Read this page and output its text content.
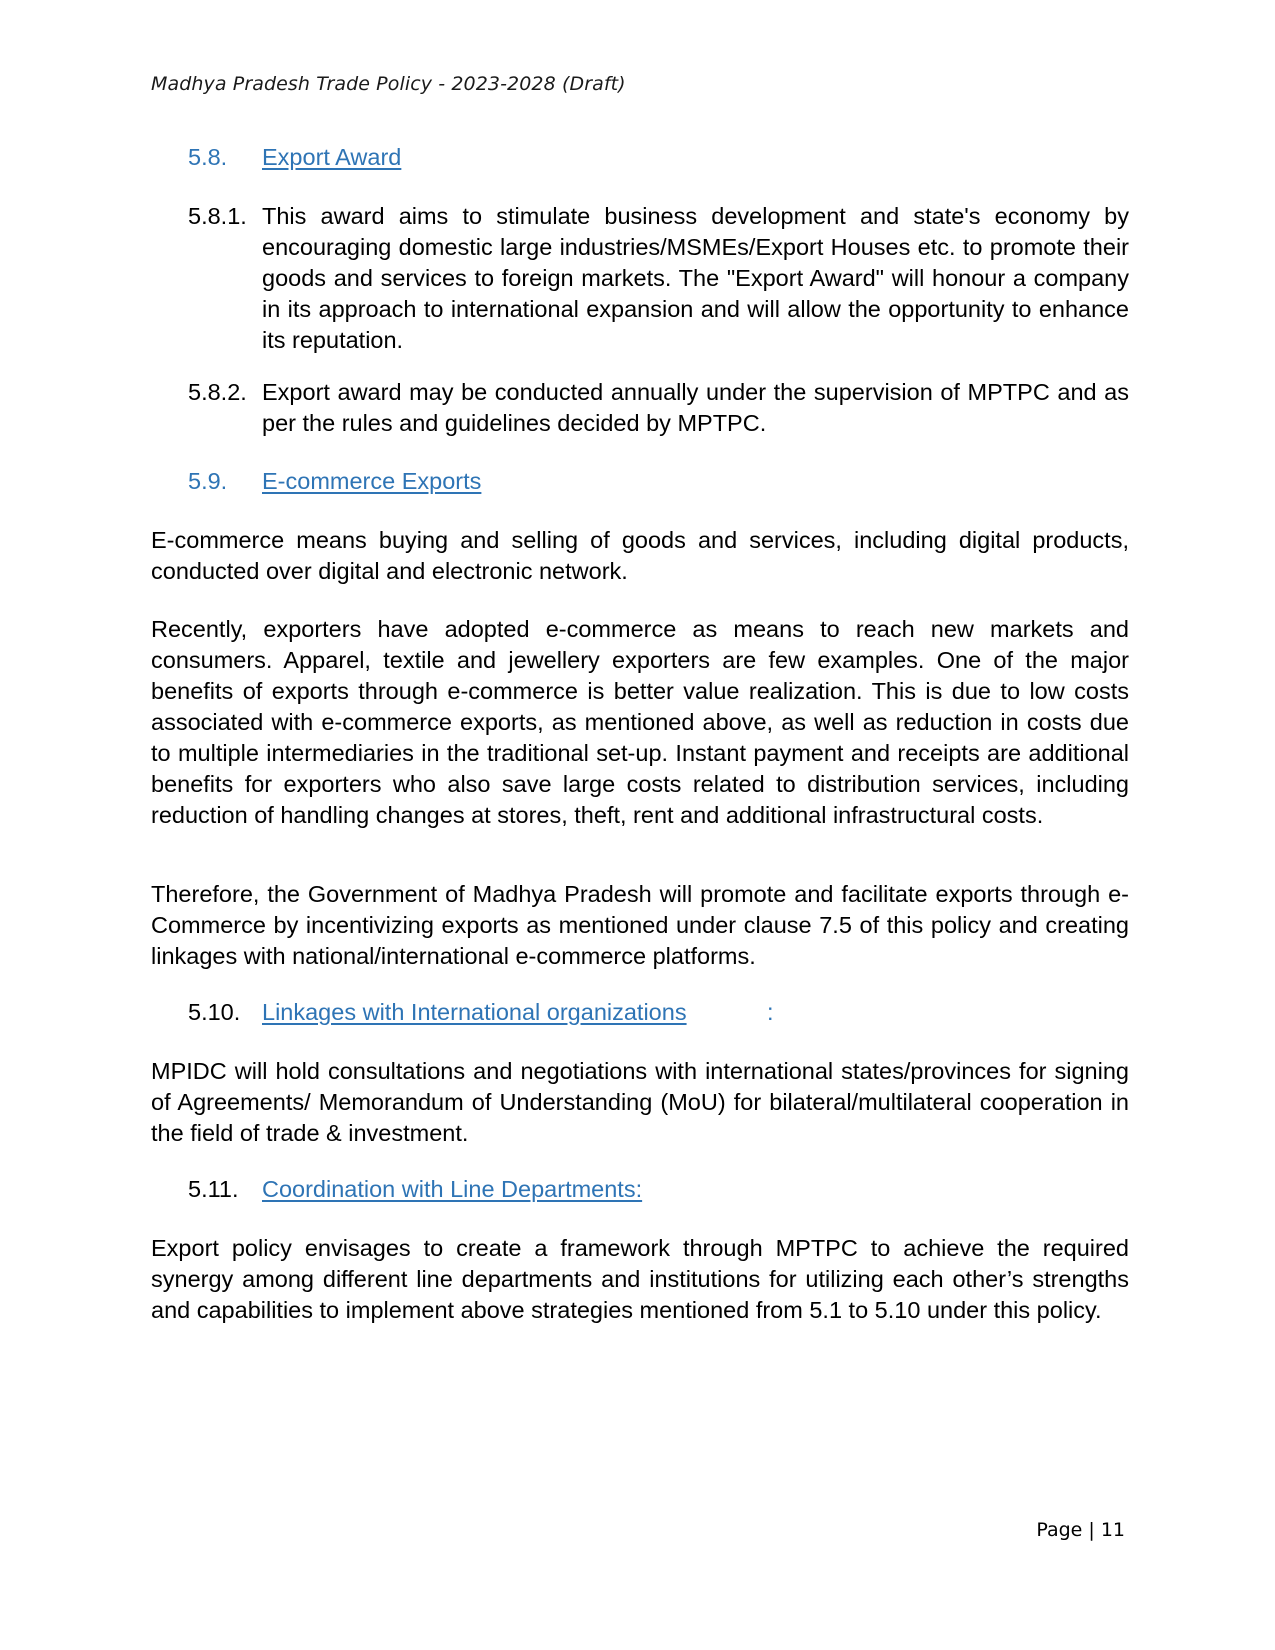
Madhya Pradesh Trade Policy - 2023-2028 (Draft)
5.8. Export Award
5.8.1. This award aims to stimulate business development and state's economy by encouraging domestic large industries/MSMEs/Export Houses etc. to promote their goods and services to foreign markets. The "Export Award" will honour a company in its approach to international expansion and will allow the opportunity to enhance its reputation.
5.8.2. Export award may be conducted annually under the supervision of MPTPC and as per the rules and guidelines decided by MPTPC.
5.9. E-commerce Exports
E-commerce means buying and selling of goods and services, including digital products, conducted over digital and electronic network.
Recently, exporters have adopted e-commerce as means to reach new markets and consumers. Apparel, textile and jewellery exporters are few examples. One of the major benefits of exports through e-commerce is better value realization. This is due to low costs associated with e-commerce exports, as mentioned above, as well as reduction in costs due to multiple intermediaries in the traditional set-up. Instant payment and receipts are additional benefits for exporters who also save large costs related to distribution services, including reduction of handling changes at stores, theft, rent and additional infrastructural costs.
Therefore, the Government of Madhya Pradesh will promote and facilitate exports through e-Commerce by incentivizing exports as mentioned under clause 7.5 of this policy and creating linkages with national/international e-commerce platforms.
5.10. Linkages with International organizations	:
MPIDC will hold consultations and negotiations with international states/provinces for signing of Agreements/ Memorandum of Understanding (MoU) for bilateral/multilateral cooperation in the field of trade & investment.
5.11. Coordination with Line Departments:
Export policy envisages to create a framework through MPTPC to achieve the required synergy among different line departments and institutions for utilizing each other’s strengths and capabilities to implement above strategies mentioned from 5.1 to 5.10 under this policy.
Page | 11
